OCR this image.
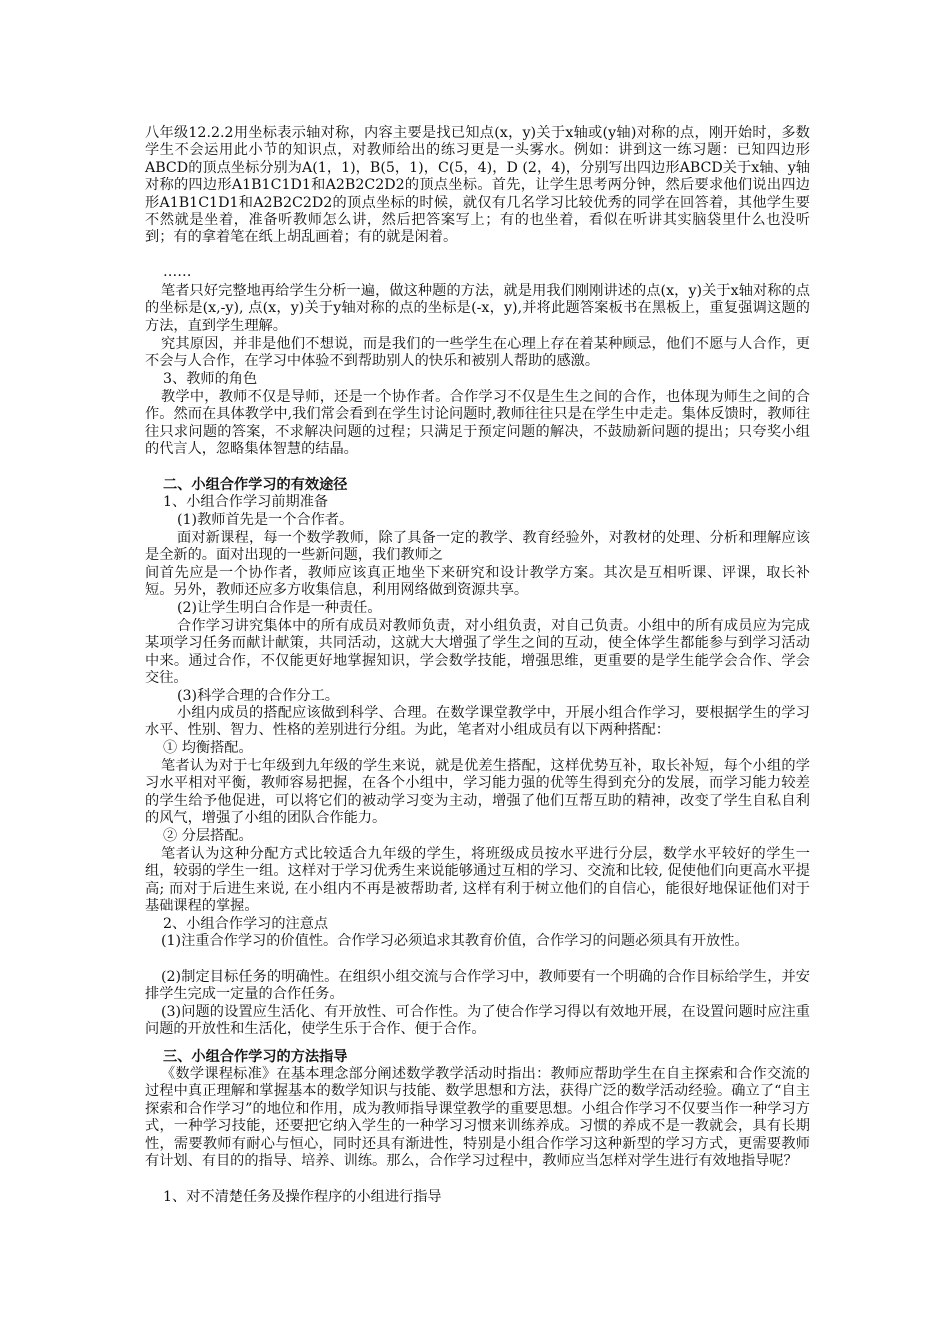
八年级12.2.2用坐标表示轴对称，内容主要是找已知点(x，y)关于x轴或(y轴)对称的点，刚开始时，多数学生不会运用此小节的知识点，对教师给出的练习更是一头雾水。例如：讲到这一练习题：已知四边形ABCD的顶点坐标分别为A(1，1)，B(5，1)，C(5，4)，D (2，4)，分别写出四边形ABCD关于x轴、y轴对称的四边形A1B1C1D1和A2B2C2D2的顶点坐标。首先，让学生思考两分钟，然后要求他们说出四边形A1B1C1D1和A2B2C2D2的顶点坐标的时候，就仅有几名学习比较优秀的同学在回答着，其他学生要不然就是坐着，准备听教师怎么讲，然后把答案写上；有的也坐着，看似在听讲其实脑袋里什么也没听到；有的拿着笔在纸上胡乱画着；有的就是闲着。

……

笔者只好完整地再给学生分析一遍，做这种题的方法，就是用我们刚刚讲述的点(x，y)关于x轴对称的点的坐标是(x,-y), 点(x，y)关于y轴对称的点的坐标是(-x，y),并将此题答案板书在黑板上，重复强调这题的方法，直到学生理解。

究其原因，并非是他们不想说，而是我们的一些学生在心理上存在着某种顾忌，他们不愿与人合作，更不会与人合作，在学习中体验不到帮助别人的快乐和被别人帮助的感激。

3、教师的角色

教学中，教师不仅是导师，还是一个协作者。合作学习不仅是生生之间的合作，也体现为师生之间的合作。然而在具体教学中,我们常会看到在学生讨论问题时,教师往往只是在学生中走走。集体反馈时，教师往往只求问题的答案，不求解决问题的过程；只满足于预定问题的解决，不鼓励新问题的提出；只夸奖小组的代言人，忽略集体智慧的结晶。

二、小组合作学习的有效途径

1、小组合作学习前期准备

(1)教师首先是一个合作者。

面对新课程，每一个数学教师，除了具备一定的教学、教育经验外，对教材的处理、分析和理解应该是全新的。面对出现的一些新问题，我们教师之

间首先应是一个协作者，教师应该真正地坐下来研究和设计教学方案。其次是互相听课、评课，取长补短。另外，教师还应多方收集信息，利用网络做到资源共享。

(2)让学生明白合作是一种责任。

合作学习讲究集体中的所有成员对教师负责，对小组负责，对自己负责。小组中的所有成员应为完成某项学习任务而献计献策，共同活动，这就大大增强了学生之间的互动，使全体学生都能参与到学习活动中来。通过合作，不仅能更好地掌握知识，学会数学技能，增强思维，更重要的是学生能学会合作、学会交往。

(3)科学合理的合作分工。

小组内成员的搭配应该做到科学、合理。在数学课堂教学中，开展小组合作学习，要根据学生的学习水平、性别、智力、性格的差别进行分组。为此，笔者对小组成员有以下两种搭配：

① 均衡搭配。

笔者认为对于七年级到九年级的学生来说，就是优差生搭配，这样优势互补，取长补短，每个小组的学习水平相对平衡，教师容易把握，在各个小组中，学习能力强的优等生得到充分的发展，而学习能力较差的学生给予他促进，可以将它们的被动学习变为主动，增强了他们互帮互助的精神，改变了学生自私自利的风气，增强了小组的团队合作能力。

② 分层搭配。

笔者认为这种分配方式比较适合九年级的学生，将班级成员按水平进行分层，数学水平较好的学生一组，较弱的学生一组。这样对于学习优秀生来说能够通过互相的学习、交流和比较, 促使他们向更高水平提高; 而对于后进生来说, 在小组内不再是被帮助者, 这样有利于树立他们的自信心，能很好地保证他们对于基础课程的掌握。

2、小组合作学习的注意点

(1)注重合作学习的价值性。合作学习必须追求其教育价值，合作学习的问题必须具有开放性。

(2)制定目标任务的明确性。在组织小组交流与合作学习中，教师要有一个明确的合作目标给学生，并安排学生完成一定量的合作任务。

(3)问题的设置应生活化、有开放性、可合作性。为了使合作学习得以有效地开展，在设置问题时应注重问题的开放性和生活化，使学生乐于合作、便于合作。

三、小组合作学习的方法指导

《数学课程标准》在基本理念部分阐述数学教学活动时指出：教师应帮助学生在自主探索和合作交流的过程中真正理解和掌握基本的数学知识与技能、数学思想和方法，获得广泛的数学活动经验。确立了“自主探索和合作学习”的地位和作用，成为教师指导课堂教学的重要思想。小组合作学习不仅要当作一种学习方式，一种学习技能，还要把它纳入学生的一种学习习惯来训练养成。习惯的养成不是一教就会，具有长期性，需要教师有耐心与恒心，同时还具有渐进性，特别是小组合作学习这种新型的学习方式，更需要教师有计划、有目的的指导、培养、训练。那么，合作学习过程中，教师应当怎样对学生进行有效地指导呢？

1、对不清楚任务及操作程序的小组进行指导
